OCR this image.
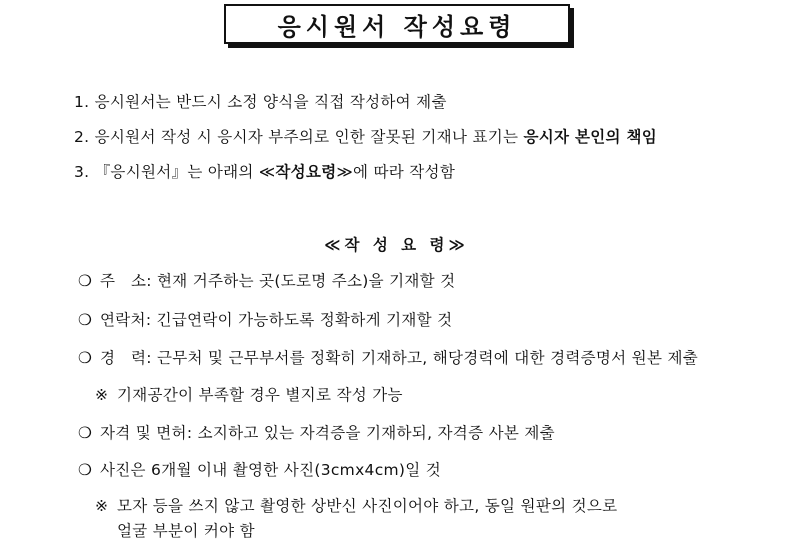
응시원서 작성요령
1. 응시원서는 반드시 소정 양식을 직접 작성하여 제출
2. 응시원서 작성 시 응시자 부주의로 인한 잘못된 기재나 표기는 응시자 본인의 책임
3. 『응시원서』는 아래의 ≪작성요령≫에 따라 작성함
≪작 성 요 령≫
❍ 주   소: 현재 거주하는 곳(도로명 주소)을 기재할 것
❍ 연락처: 긴급연락이 가능하도록 정확하게 기재할 것
❍ 경   력: 근무처 및 근무부서를 정확히 기재하고, 해당경력에 대한 경력증명서 원본 제출
※ 기재공간이 부족할 경우 별지로 작성 가능
❍ 자격 및 면허: 소지하고 있는 자격증을 기재하되, 자격증 사본 제출
❍ 사진은 6개월 이내 촬영한 사진(3cmx4cm)일 것
※ 모자 등을 쓰지 않고 촬영한 상반신 사진이어야 하고, 동일 원판의 것으로
얼굴 부분이 커야 함
